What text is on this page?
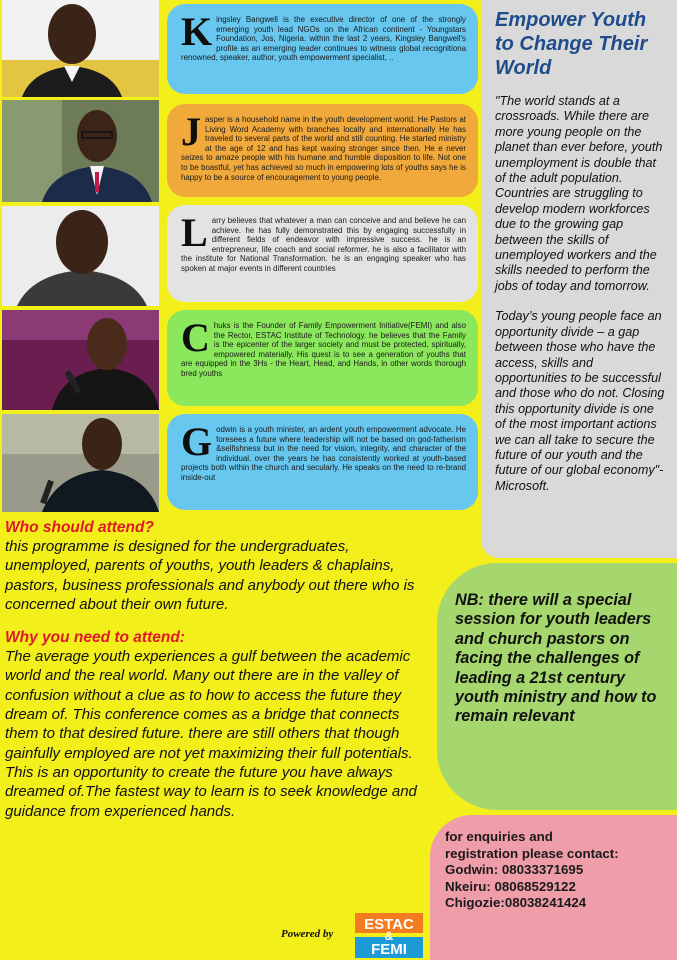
Kingsley Bangwell is the executive director of one of the strongly emerging youth lead NGOs on the African continent - Youngstars Foundation, Jos, Nigeria. within the last 2 years, Kingsley Bangwell's profile as an emerging leader continues to witness global recognitiona renowned, speaker, author, youth empowerment specialist, ..
Jasper is a household name in the youth development world. He Pastors at Living Word Academy with branches locally and internationally He has traveled to several parts of the world and still counting. He started ministry at the age of 12 and has kept waxing stronger since then. He e never seizes to amaze people with his humane and humble disposition to life. Not one to be boastful, yet has achieved so much in empowering lots of youths says he is happy to be a source of encouragement to young people.
Larry believes that whatever a man can conceive and and believe he can achieve. he has fully demonstrated this by engaging successfully in different fields of endeavor with impressive success. he is an entrepreneur, life coach and social reformer. he is also a facilitator with the institute for National Transformation. he is an engaging speaker who has spoken at major events in different countries
Chuks is the Founder of Family Empowerment Initiative(FEMI) and also the Rector, ESTAC Institute of Technology. he believes that the Family is the epicenter of the larger society and must be protected, spiritually, empowered materially. His quest is to see a generation of youths that are equipped in the 3Hs - the Heart, Head, and Hands, in other words thorough bred youths
Godwin is a youth minister, an ardent youth empowerment advocate. He foresees a future where leadership will not be based on god-fatherism &selfishness but in the need for vision, integrity, and character of the individual. over the years he has consistently worked at youth-based projects both within the church and secularly. He speaks on the need to re-brand inside-out

Empower Youth to Change Their World

"The world stands at a crossroads. While there are more young people on the planet than ever before, youth unemployment is double that of the adult population. Countries are struggling to develop modern workforces due to the growing gap between the skills of unemployed workers and the skills needed to perform the jobs of today and tomorrow.

Today’s young people face an opportunity divide – a gap between those who have the access, skills and opportunities to be successful and those who do not. Closing this opportunity divide is one of the most important actions we can all take to secure the future of our youth and the future of our global economy"- Microsoft.

Who should attend?

this programme is designed for the undergraduates, unemployed, parents of youths, youth leaders & chaplains, pastors, business professionals and anybody out there who is concerned about their own future.

Why you need to attend:

The average youth experiences a gulf between the academic world and the real world. Many out there are in the valley of confusion without a clue as to how to access the future they dream of. This conference comes as a bridge that connects them to that desired future. there are still others that though gainfully employed are not yet maximizing their full potentials. This is an opportunity to create the future you have always dreamed of.The fastest way to learn is to seek knowledge and guidance from experienced hands.

NB: there will a special session for youth leaders and church pastors on facing the challenges of leading a 21st century youth ministry and how to remain relevant

for enquiries and
registration please contact:
Godwin: 08033371695
Nkeiru: 08068529122
Chigozie:08038241424
Powered by
ESTAC
&
FEMI
